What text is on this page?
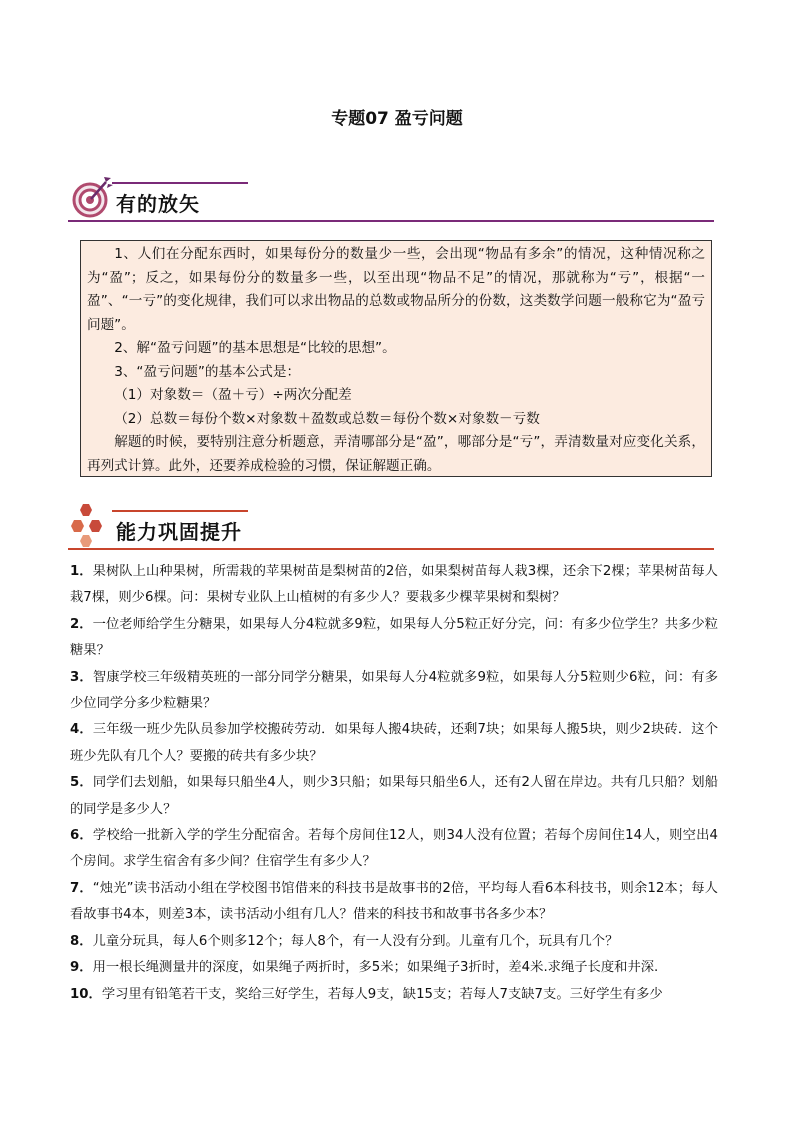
专题07 盈亏问题
有的放矢

1、人们在分配东西时，如果每份分的数量少一些，会出现“物品有多余”的情况，这种情况称之为“盈”；反之，如果每份分的数量多一些，以至出现“物品不足”的情况，那就称为“亏”，根据“一盈”、“一亏”的变化规律，我们可以求出物品的总数或物品所分的份数，这类数学问题一般称它为“盈亏问题”。

2、解“盈亏问题”的基本思想是“比较的思想”。

3、“盈亏问题”的基本公式是：

（1）对象数＝（盈＋亏）÷两次分配差

（2）总数＝每份个数×对象数＋盈数或总数＝每份个数×对象数－亏数

解题的时候，要特别注意分析题意，弄清哪部分是“盈”，哪部分是“亏”，弄清数量对应变化关系，再列式计算。此外，还要养成检验的习惯，保证解题正确。

能力巩固提升

1．果树队上山种果树，所需栽的苹果树苗是梨树苗的2倍，如果梨树苗每人栽3棵，还余下2棵；苹果树苗每人栽7棵，则少6棵。问：果树专业队上山植树的有多少人？要栽多少棵苹果树和梨树？

2．一位老师给学生分糖果，如果每人分4粒就多9粒，如果每人分5粒正好分完，问：有多少位学生？共多少粒糖果？

3．智康学校三年级精英班的一部分同学分糖果，如果每人分4粒就多9粒，如果每人分5粒则少6粒，问：有多少位同学分多少粒糖果？

4．三年级一班少先队员参加学校搬砖劳动．如果每人搬4块砖，还剩7块；如果每人搬5块，则少2块砖．这个班少先队有几个人？要搬的砖共有多少块？

5．同学们去划船，如果每只船坐4人，则少3只船；如果每只船坐6人，还有2人留在岸边。共有几只船？划船的同学是多少人？

6．学校给一批新入学的学生分配宿舍。若每个房间住12人，则34人没有位置；若每个房间住14人，则空出4个房间。求学生宿舍有多少间？住宿学生有多少人？

7．“烛光”读书活动小组在学校图书馆借来的科技书是故事书的2倍，平均每人看6本科技书，则余12本；每人看故事书4本，则差3本，读书活动小组有几人？借来的科技书和故事书各多少本？

8．儿童分玩具，每人6个则多12个；每人8个，有一人没有分到。儿童有几个，玩具有几个？

9．用一根长绳测量井的深度，如果绳子两折时，多5米；如果绳子3折时，差4米.求绳子长度和井深.

10．学习里有铅笔若干支，奖给三好学生，若每人9支，缺15支；若每人7支缺7支。三好学生有多少
